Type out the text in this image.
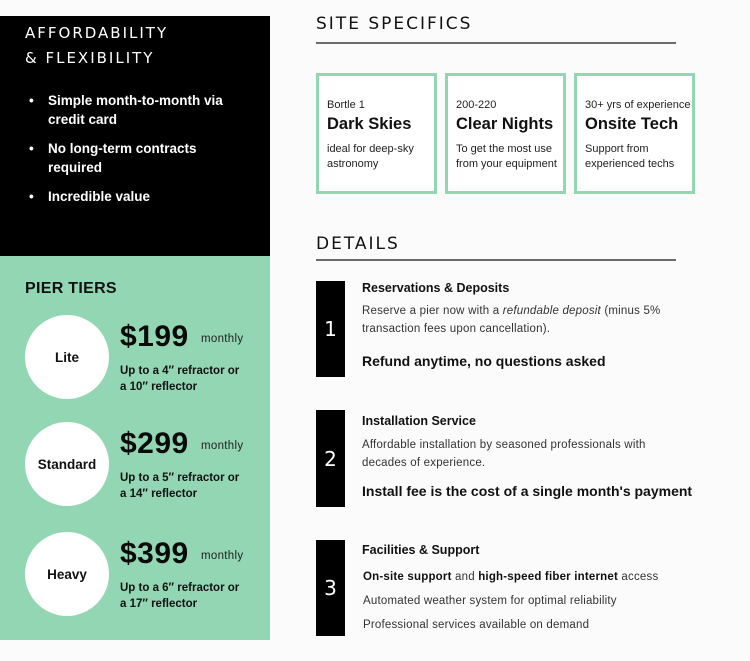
AFFORDABILITY
& FLEXIBILITY
• Simple month-to-month via credit card
• No long-term contracts required
• Incredible value
PIER TIERS
Lite
$199 monthly
Up to a 4″ refractor or
a 10″ reflector
Standard
$299 monthly
Up to a 5″ refractor or
a 14″ reflector
Heavy
$399 monthly
Up to a 6″ refractor or
a 17″ reflector
SITE SPECIFICS
Bortle 1
Dark Skies
ideal for deep-sky astronomy
200-220
Clear Nights
To get the most use from your equipment
30+ yrs of experience
Onsite Tech
Support from experienced techs
DETAILS
1
Reservations & Deposits
Reserve a pier now with a refundable deposit (minus 5% transaction fees upon cancellation).
Refund anytime, no questions asked
2
Installation Service
Affordable installation by seasoned professionals with decades of experience.
Install fee is the cost of a single month's payment
3
Facilities & Support
On-site support and high-speed fiber internet access
Automated weather system for optimal reliability
Professional services available on demand
